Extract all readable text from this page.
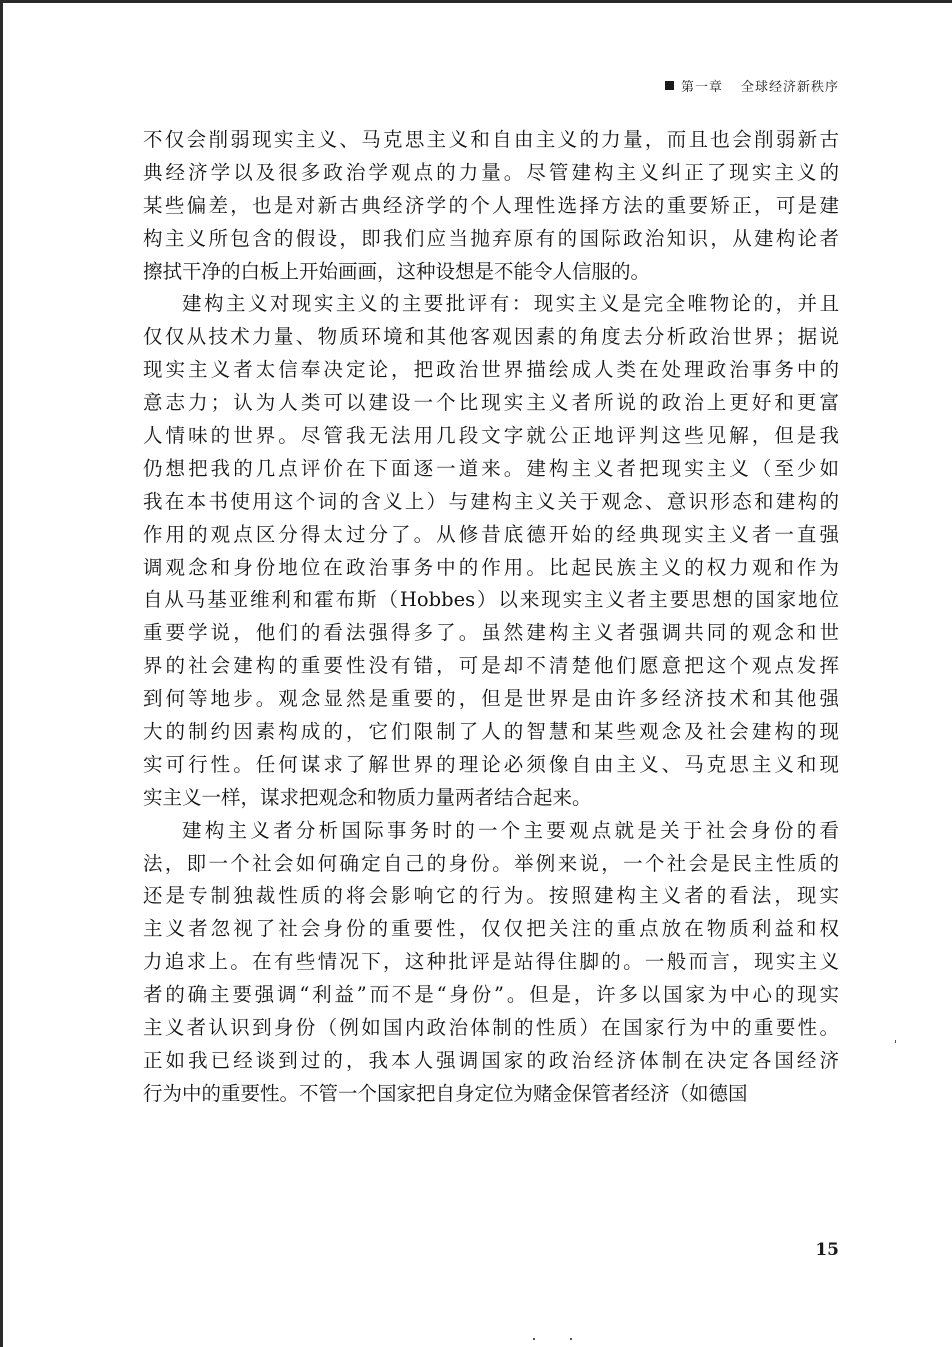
第一章 全球经济新秩序
不仅会削弱现实主义、马克思主义和自由主义的力量，而且也会削弱新古
典经济学以及很多政治学观点的力量。尽管建构主义纠正了现实主义的
某些偏差，也是对新古典经济学的个人理性选择方法的重要矫正，可是建
构主义所包含的假设，即我们应当抛弃原有的国际政治知识，从建构论者
擦拭干净的白板上开始画画，这种设想是不能令人信服的。
建构主义对现实主义的主要批评有：现实主义是完全唯物论的，并且
仅仅从技术力量、物质环境和其他客观因素的角度去分析政治世界；据说
现实主义者太信奉决定论，把政治世界描绘成人类在处理政治事务中的
意志力；认为人类可以建设一个比现实主义者所说的政治上更好和更富
人情味的世界。尽管我无法用几段文字就公正地评判这些见解，但是我
仍想把我的几点评价在下面逐一道来。建构主义者把现实主义（至少如
我在本书使用这个词的含义上）与建构主义关于观念、意识形态和建构的
作用的观点区分得太过分了。从修昔底德开始的经典现实主义者一直强
调观念和身份地位在政治事务中的作用。比起民族主义的权力观和作为
自从马基亚维利和霍布斯（Hobbes）以来现实主义者主要思想的国家地位
重要学说，他们的看法强得多了。虽然建构主义者强调共同的观念和世
界的社会建构的重要性没有错，可是却不清楚他们愿意把这个观点发挥
到何等地步。观念显然是重要的，但是世界是由许多经济技术和其他强
大的制约因素构成的，它们限制了人的智慧和某些观念及社会建构的现
实可行性。任何谋求了解世界的理论必须像自由主义、马克思主义和现
实主义一样，谋求把观念和物质力量两者结合起来。
建构主义者分析国际事务时的一个主要观点就是关于社会身份的看
法，即一个社会如何确定自己的身份。举例来说，一个社会是民主性质的
还是专制独裁性质的将会影响它的行为。按照建构主义者的看法，现实
主义者忽视了社会身份的重要性，仅仅把关注的重点放在物质利益和权
力追求上。在有些情况下，这种批评是站得住脚的。一般而言，现实主义
者的确主要强调“利益”而不是“身份”。但是，许多以国家为中心的现实
主义者认识到身份（例如国内政治体制的性质）在国家行为中的重要性。
正如我已经谈到过的，我本人强调国家的政治经济体制在决定各国经济
行为中的重要性。不管一个国家把自身定位为赌金保管者经济（如德国
15
